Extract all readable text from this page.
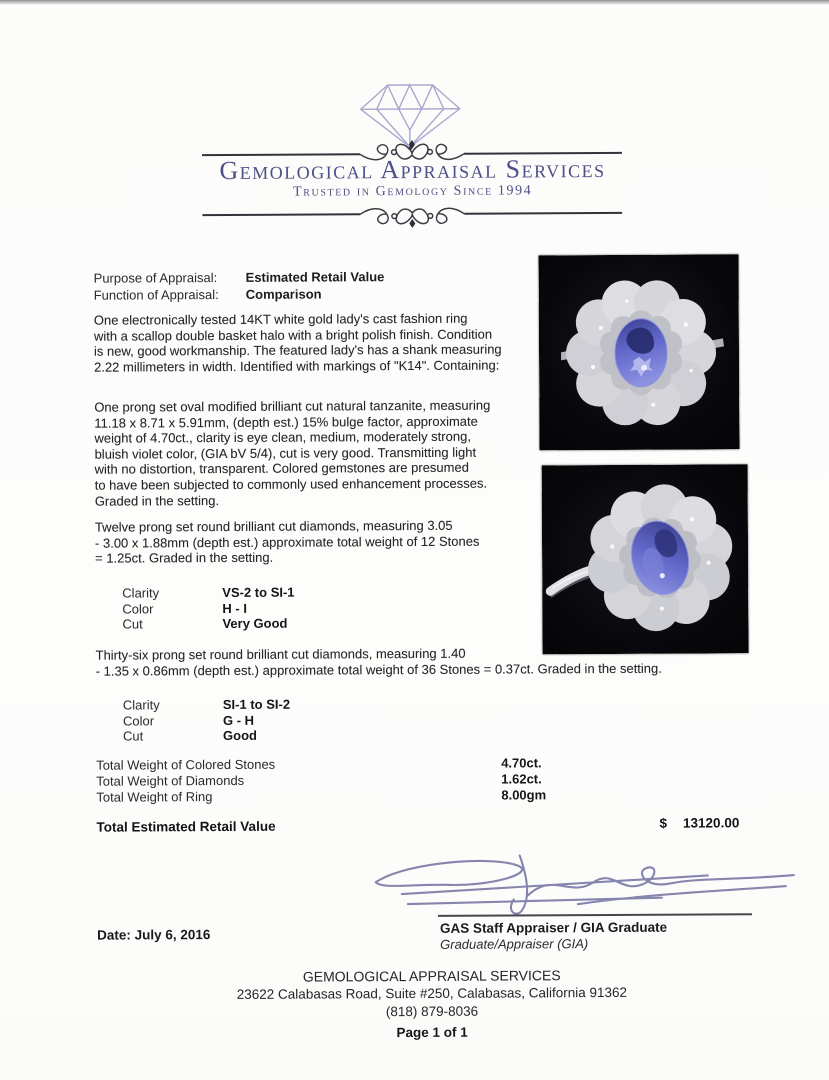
Gemological Appraisal Services
Trusted in Gemology Since 1994
Purpose of Appraisal: Estimated Retail Value
Function of Appraisal: Comparison
One electronically tested 14KT white gold lady's cast fashion ring
with a scallop double basket halo with a bright polish finish. Condition
is new, good workmanship. The featured lady's has a shank measuring
2.22 millimeters in width. Identified with markings of "K14". Containing:
One prong set oval modified brilliant cut natural tanzanite, measuring
11.18 x 8.71 x 5.91mm, (depth est.) 15% bulge factor, approximate
weight of 4.70ct., clarity is eye clean, medium, moderately strong,
bluish violet color, (GIA bV 5/4), cut is very good. Transmitting light
with no distortion, transparent. Colored gemstones are presumed
to have been subjected to commonly used enhancement processes.
Graded in the setting.
Twelve prong set round brilliant cut diamonds, measuring 3.05
- 3.00 x 1.88mm (depth est.) approximate total weight of 12 Stones
= 1.25ct. Graded in the setting.
Clarity	VS-2 to SI-1
Color	H - I
Cut	Very Good
Thirty-six prong set round brilliant cut diamonds, measuring 1.40
- 1.35 x 0.86mm (depth est.) approximate total weight of 36 Stones = 0.37ct. Graded in the setting.
Clarity	SI-1 to SI-2
Color	G - H
Cut	Good
Total Weight of Colored Stones	4.70ct.
Total Weight of Diamonds	1.62ct.
Total Weight of Ring	8.00gm
Total Estimated Retail Value	$ 13120.00
GAS Staff Appraiser / GIA Graduate
Graduate/Appraiser (GIA)
Date: July 6, 2016
GEMOLOGICAL APPRAISAL SERVICES
23622 Calabasas Road, Suite #250, Calabasas, California 91362
(818) 879-8036
Page 1 of 1
